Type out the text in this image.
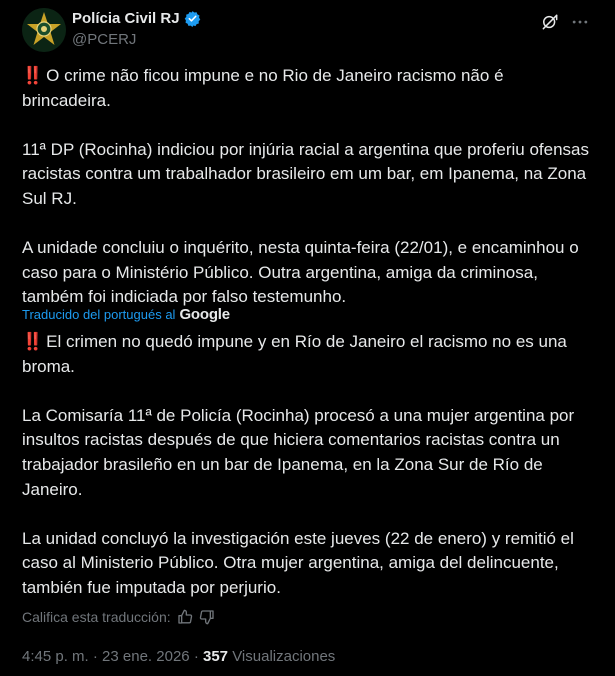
Polícia Civil RJ
@PCERJ

‼️ O crime não ficou impune e no Rio de Janeiro racismo não é brincadeira.

11ª DP (Rocinha) indiciou por injúria racial a argentina que proferiu ofensas racistas contra um trabalhador brasileiro em um bar, em Ipanema, na Zona Sul RJ.

A unidade concluiu o inquérito, nesta quinta-feira (22/01), e encaminhou o caso para o Ministério Público. Outra argentina, amiga da criminosa, também foi indiciada por falso testemunho.

Traducido del portugués al Google

‼️ El crimen no quedó impune y en Río de Janeiro el racismo no es una broma.

La Comisaría 11ª de Policía (Rocinha) procesó a una mujer argentina por insultos racistas después de que hiciera comentarios racistas contra un trabajador brasileño en un bar de Ipanema, en la Zona Sur de Río de Janeiro.

La unidad concluyó la investigación este jueves (22 de enero) y remitió el caso al Ministerio Público. Otra mujer argentina, amiga del delincuente, también fue imputada por perjurio.

Califica esta traducción:
4:45 p. m. · 23 ene. 2026 · 357 Visualizaciones
